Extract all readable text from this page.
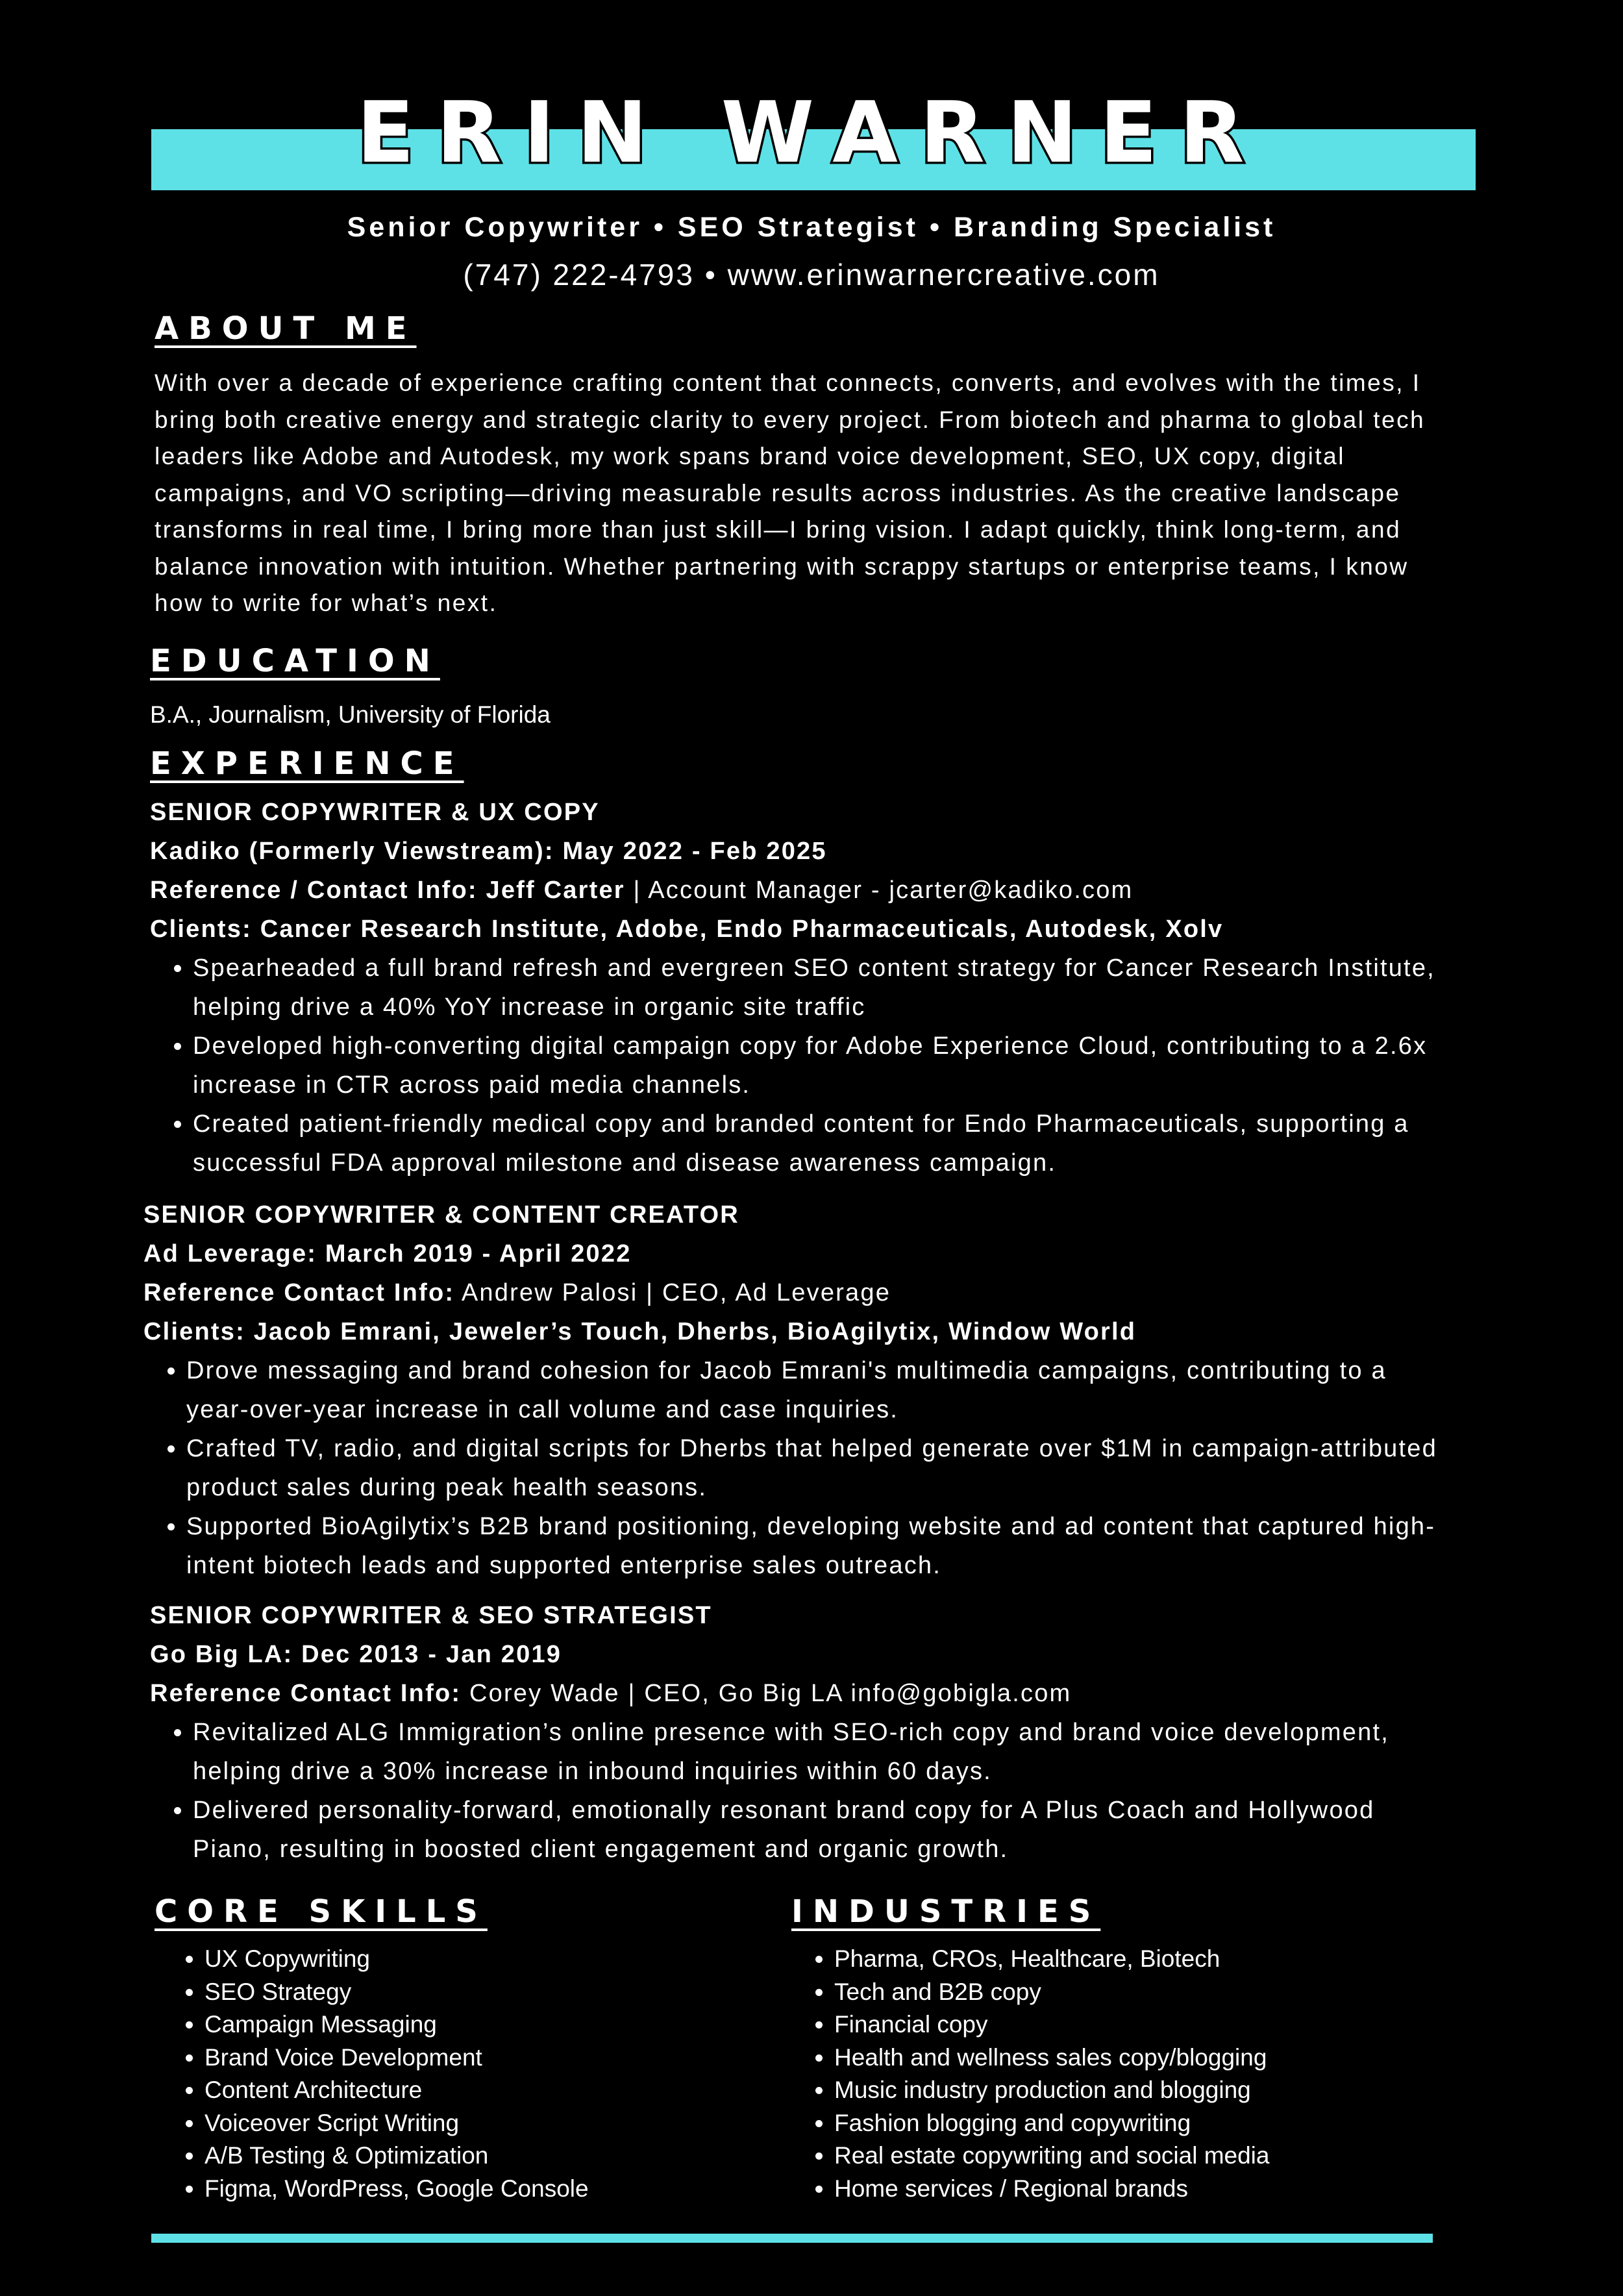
ERIN WARNER
Senior Copywriter • SEO Strategist • Branding Specialist
(747) 222-4793 • www.erinwarnercreative.com
ABOUT ME
With over a decade of experience crafting content that connects, converts, and evolves with the times, I bring both creative energy and strategic clarity to every project. From biotech and pharma to global tech leaders like Adobe and Autodesk, my work spans brand voice development, SEO, UX copy, digital campaigns, and VO scripting—driving measurable results across industries. As the creative landscape transforms in real time, I bring more than just skill—I bring vision. I adapt quickly, think long-term, and balance innovation with intuition. Whether partnering with scrappy startups or enterprise teams, I know how to write for what’s next.
EDUCATION
B.A., Journalism, University of Florida
EXPERIENCE
SENIOR COPYWRITER & UX COPY
Kadiko (Formerly Viewstream): May 2022 - Feb 2025
Reference / Contact Info: Jeff Carter | Account Manager - jcarter@kadiko.com
Clients: Cancer Research Institute, Adobe, Endo Pharmaceuticals, Autodesk, Xolv
• Spearheaded a full brand refresh and evergreen SEO content strategy for Cancer Research Institute, helping drive a 40% YoY increase in organic site traffic
• Developed high-converting digital campaign copy for Adobe Experience Cloud, contributing to a 2.6x increase in CTR across paid media channels.
• Created patient-friendly medical copy and branded content for Endo Pharmaceuticals, supporting a successful FDA approval milestone and disease awareness campaign.
SENIOR COPYWRITER & CONTENT CREATOR
Ad Leverage: March 2019 - April 2022
Reference Contact Info: Andrew Palosi | CEO, Ad Leverage
Clients: Jacob Emrani, Jeweler’s Touch, Dherbs, BioAgilytix, Window World
• Drove messaging and brand cohesion for Jacob Emrani's multimedia campaigns, contributing to a year-over-year increase in call volume and case inquiries.
• Crafted TV, radio, and digital scripts for Dherbs that helped generate over $1M in campaign-attributed product sales during peak health seasons.
• Supported BioAgilytix’s B2B brand positioning, developing website and ad content that captured high-intent biotech leads and supported enterprise sales outreach.
SENIOR COPYWRITER & SEO STRATEGIST
Go Big LA: Dec 2013 - Jan 2019
Reference Contact Info: Corey Wade | CEO, Go Big LA info@gobigla.com
• Revitalized ALG Immigration’s online presence with SEO-rich copy and brand voice development, helping drive a 30% increase in inbound inquiries within 60 days.
• Delivered personality-forward, emotionally resonant brand copy for A Plus Coach and Hollywood Piano, resulting in boosted client engagement and organic growth.
CORE SKILLS
• UX Copywriting
• SEO Strategy
• Campaign Messaging
• Brand Voice Development
• Content Architecture
• Voiceover Script Writing
• A/B Testing & Optimization
• Figma, WordPress, Google Console
INDUSTRIES
• Pharma, CROs, Healthcare, Biotech
• Tech and B2B copy
• Financial copy
• Health and wellness sales copy/blogging
• Music industry production and blogging
• Fashion blogging and copywriting
• Real estate copywriting and social media
• Home services / Regional brands
